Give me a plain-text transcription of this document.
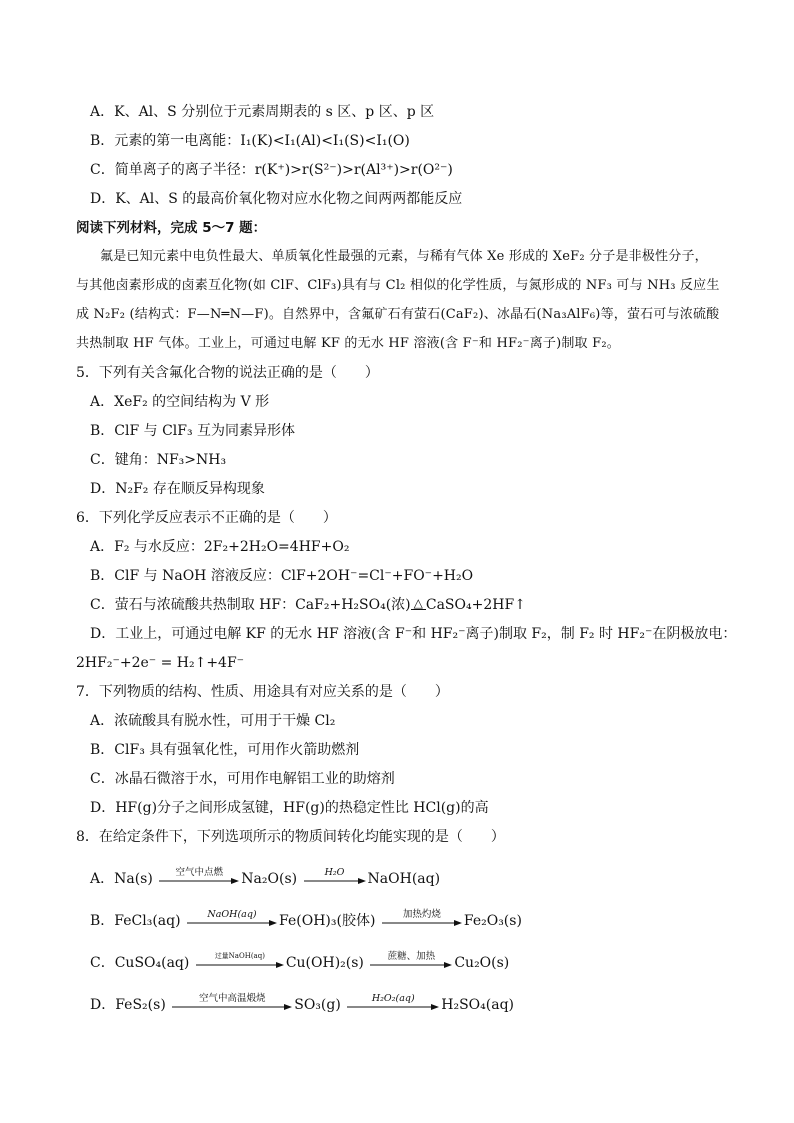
A．K、Al、S 分别位于元素周期表的 s 区、p 区、p 区
B．元素的第一电离能：I₁(K)<I₁(Al)<I₁(S)<I₁(O)
C．简单离子的离子半径：r(K⁺)>r(S²⁻)>r(Al³⁺)>r(O²⁻)
D．K、Al、S 的最高价氧化物对应水化物之间两两都能反应
阅读下列材料，完成 5～7 题：
氟是已知元素中电负性最大、单质氧化性最强的元素，与稀有气体 Xe 形成的 XeF₂ 分子是非极性分子，
与其他卤素形成的卤素互化物(如 ClF、ClF₃)具有与 Cl₂ 相似的化学性质，与氮形成的 NF₃ 可与 NH₃ 反应生
成 N₂F₂ (结构式：F—N═N—F)。自然界中，含氟矿石有萤石(CaF₂)、冰晶石(Na₃AlF₆)等，萤石可与浓硫酸
共热制取 HF 气体。工业上，可通过电解 KF 的无水 HF 溶液(含 F⁻和 HF₂⁻离子)制取 F₂。
5．下列有关含氟化合物的说法正确的是（　　）
A．XeF₂ 的空间结构为 V 形
B．ClF 与 ClF₃ 互为同素异形体
C．键角：NF₃>NH₃
D．N₂F₂ 存在顺反异构现象
6．下列化学反应表示不正确的是（　　）
A．F₂ 与水反应：2F₂+2H₂O=4HF+O₂
B．ClF 与 NaOH 溶液反应：ClF+2OH⁻=Cl⁻+FO⁻+H₂O
C．萤石与浓硫酸共热制取 HF：CaF₂+H₂SO₄(浓) △ CaSO₄+2HF↑
D．工业上，可通过电解 KF 的无水 HF 溶液(含 F⁻和 HF₂⁻离子)制取 F₂，制 F₂ 时 HF₂⁻在阴极放电：
2HF₂⁻+2e⁻ = H₂↑+4F⁻
7．下列物质的结构、性质、用途具有对应关系的是（　　）
A．浓硫酸具有脱水性，可用于干燥 Cl₂
B．ClF₃ 具有强氧化性，可用作火箭助燃剂
C．冰晶石微溶于水，可用作电解铝工业的助熔剂
D．HF(g)分子之间形成氢键，HF(g)的热稳定性比 HCl(g)的高
8．在给定条件下，下列选项所示的物质间转化均能实现的是（　　）
A．Na(s)	空气中点燃	Na₂O(s)	H₂O	NaOH(aq)
B．FeCl₃(aq)	NaOH(aq)	Fe(OH)₃(胶体)	加热灼烧	Fe₂O₃(s)
C．CuSO₄(aq)	过量NaOH(aq)	Cu(OH)₂(s)	蔗糖、加热	Cu₂O(s)
D．FeS₂(s)	空气中高温煅烧	SO₃(g)	H₂O₂(aq)	H₂SO₄(aq)
